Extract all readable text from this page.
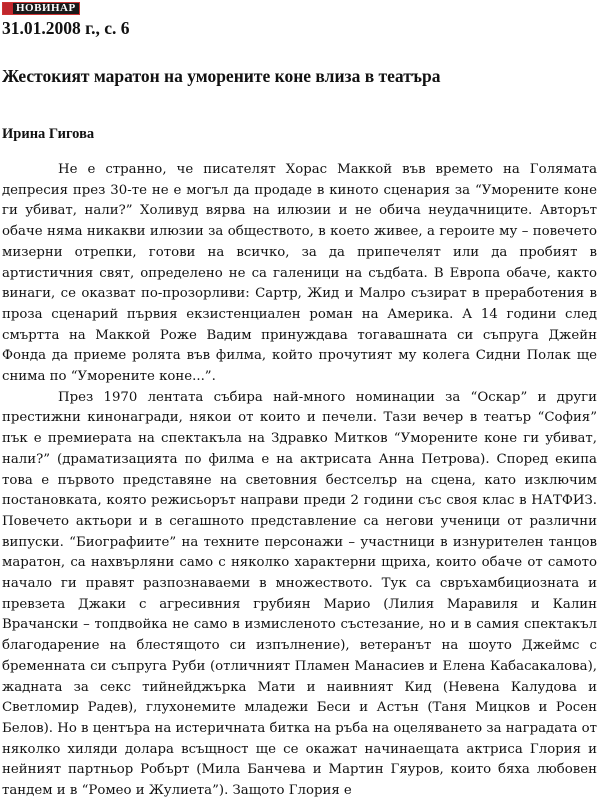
НОВИНАР
31.01.2008 г., с. 6
Жестокият маратон на уморените коне влиза в театъра
Ирина Гигова

Не е странно, че писателят Хорас Маккой във времето на Голямата депресия през 30-те не е могъл да продаде в киното сценария за “Уморените коне ги убиват, нали?” Холивуд вярва на илюзии и не обича неудачниците. Авторът обаче няма никакви илюзии за обществото, в което живее, а героите му – повечето мизерни отрепки, готови на всичко, за да припечелят или да пробият в артистичния свят, определено не са галеници на съдбата. В Европа обаче, както винаги, се оказват по-прозорливи: Сартр, Жид и Малро съзират в преработения в проза сценарий първия екзистенциален роман на Америка. А 14 години след смъртта на Маккой Роже Вадим принуждава тогавашната си съпруга Джейн Фонда да приеме ролята във филма, който прочутият му колега Сидни Полак ще снима по “Уморените коне...”.

През 1970 лентата събира най-много номинации за “Оскар” и други престижни кинонагради, някои от които и печели. Тази вечер в театър “София” пък е премиерата на спектакъла на Здравко Митков “Уморените коне ги убиват, нали?” (драматизацията по филма е на актрисата Анна Петрова). Според екипа това е първото представяне на световния бестселър на сцена, като изключим постановката, която режисьорът направи преди 2 години със своя клас в НАТФИЗ. Повечето актьори и в сегашното представление са негови ученици от различни випуски. “Биографиите” на техните персонажи – участници в изнурителен танцов маратон, са нахвърляни само с няколко характерни щриха, които обаче от самото начало ги правят разпознаваеми в множеството. Тук са свръхамбициозната и превзета Джаки с агресивния грубиян Марио (Лилия Маравиля и Калин Врачански – топдвойка не само в измисленото състезание, но и в самия спектакъл благодарение на блестящото си изпълнение), ветеранът на шоуто Джеймс с бременната си съпруга Руби (отличният Пламен Манасиев и Елена Кабасакалова), жадната за секс тийнейджърка Мати и наивният Кид (Невена Калудова и Светломир Радев), глухонемите младежи Беси и Астън (Таня Мицков и Росен Белов). Но в центъра на истеричната битка на ръба на оцеляването за наградата от няколко хиляди долара всъщност ще се окажат начинаещата актриса Глория и нейният партньор Робърт (Мила Банчева и Мартин Гяуров, които бяха любовен тандем и в “Ромео и Жулиета”). Защото Глория е
